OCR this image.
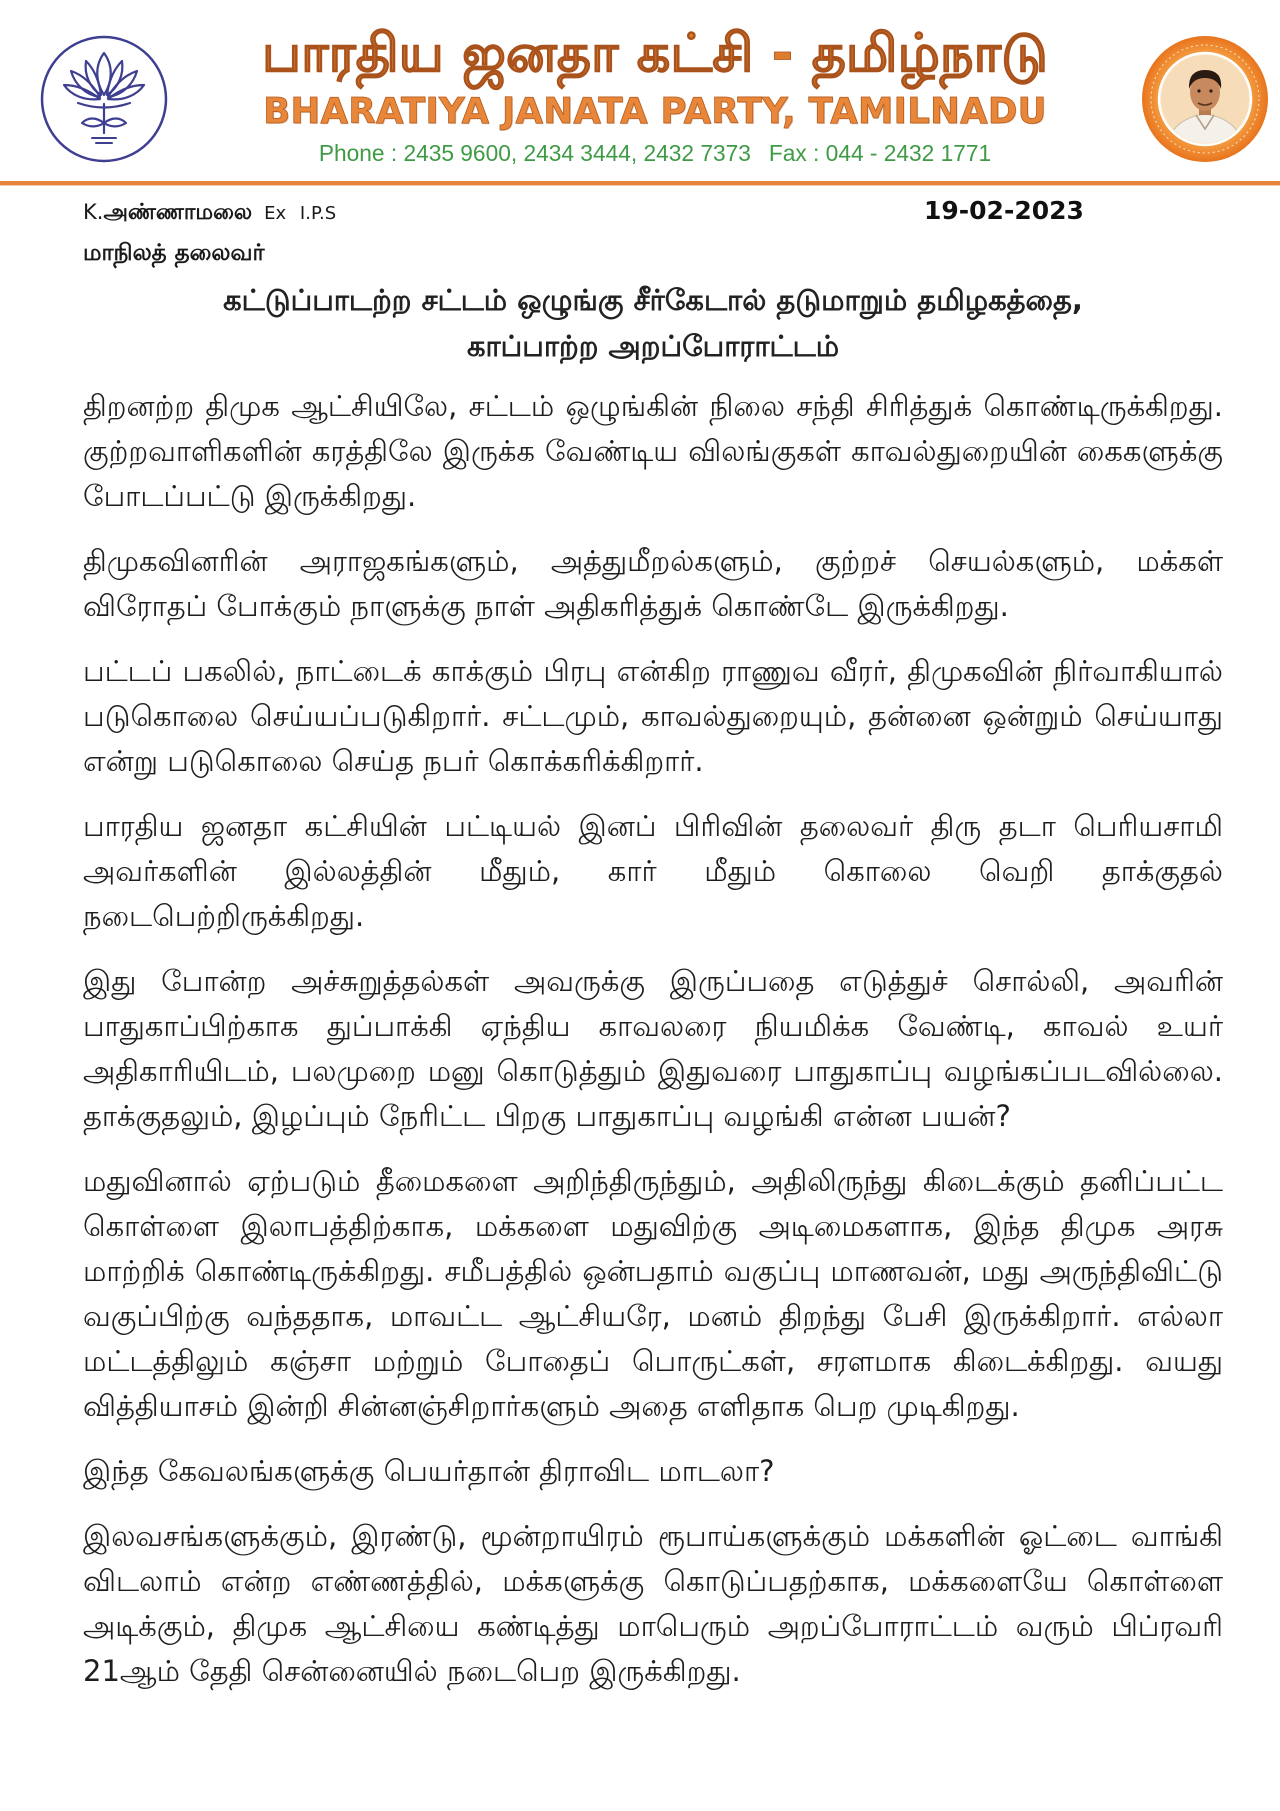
பாரதிய ஜனதா கட்சி - தமிழ்நாடு
BHARATIYA JANATA PARTY, TAMILNADU
Phone : 2435 9600, 2434 3444, 2432 7373 Fax : 044 - 2432 1771
K.அண்ணாமலை Ex I.P.S	19-02-2023
மாநிலத் தலைவர்
கட்டுப்பாடற்ற சட்டம் ஒழுங்கு சீர்கேடால் தடுமாறும் தமிழகத்தை,
காப்பாற்ற அறப்போராட்டம்

திறனற்ற திமுக ஆட்சியிலே, சட்டம் ஒழுங்கின் நிலை சந்தி சிரித்துக் கொண்டிருக்கிறது. குற்றவாளிகளின் கரத்திலே இருக்க வேண்டிய விலங்குகள் காவல்துறையின் கைகளுக்கு போடப்பட்டு இருக்கிறது.

திமுகவினரின் அராஜகங்களும், அத்துமீறல்களும், குற்றச் செயல்களும், மக்கள் விரோதப் போக்கும் நாளுக்கு நாள் அதிகரித்துக் கொண்டே இருக்கிறது.

பட்டப் பகலில், நாட்டைக் காக்கும் பிரபு என்கிற ராணுவ வீரர், திமுகவின் நிர்வாகியால் படுகொலை செய்யப்படுகிறார். சட்டமும், காவல்துறையும், தன்னை ஒன்றும் செய்யாது என்று படுகொலை செய்த நபர் கொக்கரிக்கிறார்.

பாரதிய ஜனதா கட்சியின் பட்டியல் இனப் பிரிவின் தலைவர் திரு தடா பெரியசாமி அவர்களின் இல்லத்தின் மீதும், கார் மீதும் கொலை வெறி தாக்குதல் நடைபெற்றிருக்கிறது.

இது போன்ற அச்சுறுத்தல்கள் அவருக்கு இருப்பதை எடுத்துச் சொல்லி, அவரின் பாதுகாப்பிற்காக துப்பாக்கி ஏந்திய காவலரை நியமிக்க வேண்டி, காவல் உயர் அதிகாரியிடம், பலமுறை மனு கொடுத்தும் இதுவரை பாதுகாப்பு வழங்கப்படவில்லை. தாக்குதலும், இழப்பும் நேரிட்ட பிறகு பாதுகாப்பு வழங்கி என்ன பயன்?

மதுவினால் ஏற்படும் தீமைகளை அறிந்திருந்தும், அதிலிருந்து கிடைக்கும் தனிப்பட்ட கொள்ளை இலாபத்திற்காக, மக்களை மதுவிற்கு அடிமைகளாக, இந்த திமுக அரசு மாற்றிக் கொண்டிருக்கிறது. சமீபத்தில் ஒன்பதாம் வகுப்பு மாணவன், மது அருந்திவிட்டு வகுப்பிற்கு வந்ததாக, மாவட்ட ஆட்சியரே, மனம் திறந்து பேசி இருக்கிறார். எல்லா மட்டத்திலும் கஞ்சா மற்றும் போதைப் பொருட்கள், சரளமாக கிடைக்கிறது. வயது வித்தியாசம் இன்றி சின்னஞ்சிறார்களும் அதை எளிதாக பெற முடிகிறது.

இந்த கேவலங்களுக்கு பெயர்தான் திராவிட மாடலா?

இலவசங்களுக்கும், இரண்டு, மூன்றாயிரம் ரூபாய்களுக்கும் மக்களின் ஓட்டை வாங்கி விடலாம் என்ற எண்ணத்தில், மக்களுக்கு கொடுப்பதற்காக, மக்களையே கொள்ளை அடிக்கும், திமுக ஆட்சியை கண்டித்து மாபெரும் அறப்போராட்டம் வரும் பிப்ரவரி 21ஆம் தேதி சென்னையில் நடைபெற இருக்கிறது.
